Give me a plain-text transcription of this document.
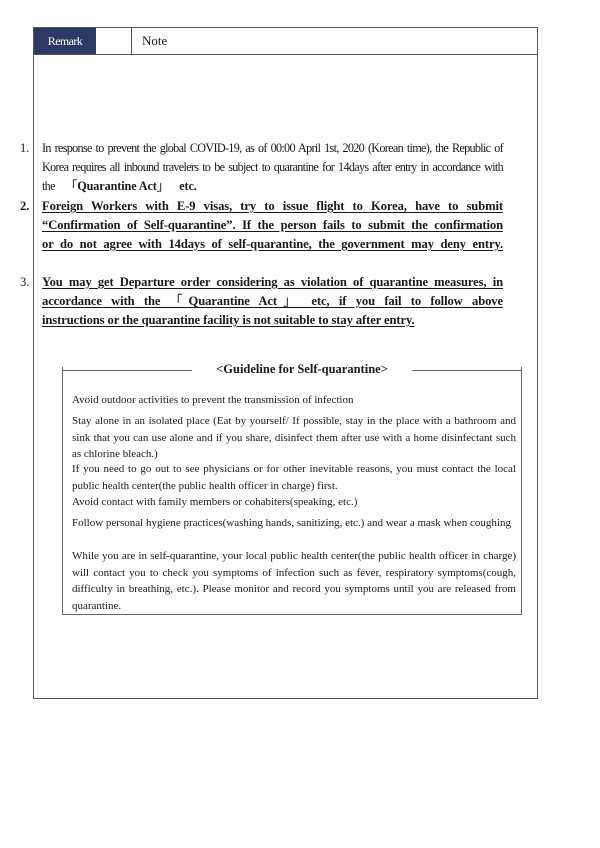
Remark	Note
1. In response to prevent the global COVID-19, as of 00:00 April 1st, 2020 (Korean time), the Republic of
Korea requires all inbound travelers to be subject to quarantine for 14days after entry in accordance with
the 「Quarantine Act」 etc.
2. Foreign Workers with E-9 visas, try to issue flight to Korea, have to submit
“Confirmation of Self-quarantine”. If the person fails to submit the confirmation
or do not agree with 14days of self-quarantine, the government may deny entry.
3. You may get Departure order considering as violation of quarantine measures, in
accordance with the 「Quarantine Act」 etc, if you fail to follow above
instructions or the quarantine facility is not suitable to stay after entry.
<Guideline for Self-quarantine>
Avoid outdoor activities to prevent the transmission of infection
Stay alone in an isolated place (Eat by yourself/ If possible, stay in the place with a bathroom and sink that you can use alone and if you share, disinfect them after use with a home disinfectant such as chlorine bleach.)
If you need to go out to see physicians or for other inevitable reasons, you must contact the local public health center(the public health officer in charge) first.
Avoid contact with family members or cohabiters(speaking, etc.)
Follow personal hygiene practices(washing hands, sanitizing, etc.) and wear a mask when coughing
While you are in self-quarantine, your local public health center(the public health officer in charge) will contact you to check you symptoms of infection such as fever, respiratory symptoms(cough, difficulty in breathing, etc.). Please monitor and record you symptoms until you are released from quarantine.
